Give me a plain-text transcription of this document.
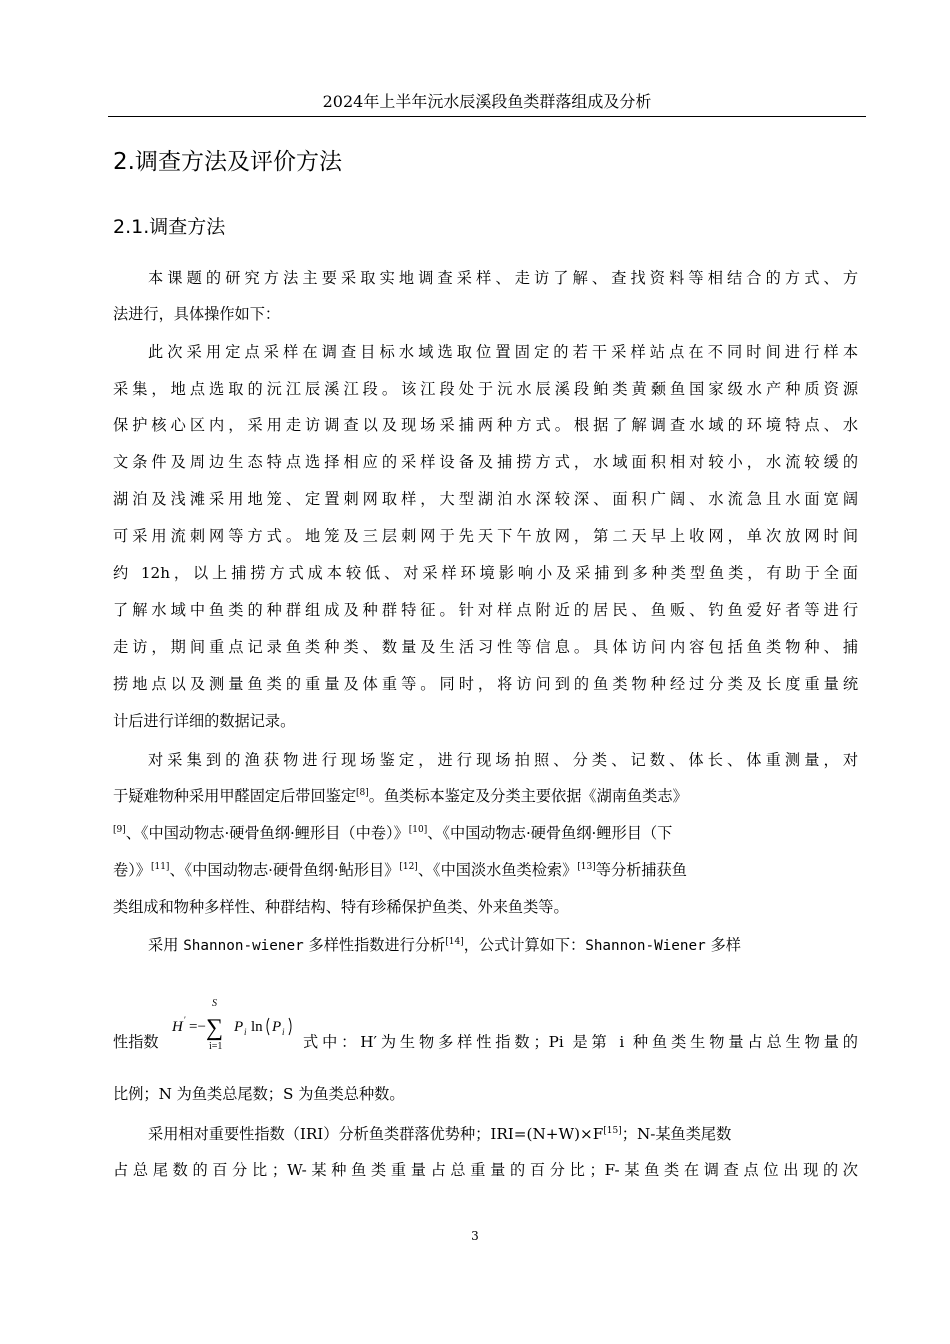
2024年上半年沅水辰溪段鱼类群落组成及分析
2.调查方法及评价方法
2.1.调查方法
本课题的研究方法主要采取实地调查采样、走访了解、查找资料等相结合的方式、方
法进行，具体操作如下：
此次采用定点采样在调查目标水域选取位置固定的若干采样站点在不同时间进行样本
采集，地点选取的沅江辰溪江段。该江段处于沅水辰溪段鲌类黄颡鱼国家级水产种质资源
保护核心区内，采用走访调查以及现场采捕两种方式。根据了解调查水域的环境特点、水
文条件及周边生态特点选择相应的采样设备及捕捞方式，水域面积相对较小，水流较缓的
湖泊及浅滩采用地笼、定置刺网取样，大型湖泊水深较深、面积广阔、水流急且水面宽阔
可采用流刺网等方式。地笼及三层刺网于先天下午放网，第二天早上收网，单次放网时间
约 12h，以上捕捞方式成本较低、对采样环境影响小及采捕到多种类型鱼类，有助于全面
了解水域中鱼类的种群组成及种群特征。针对样点附近的居民、鱼贩、钓鱼爱好者等进行
走访，期间重点记录鱼类种类、数量及生活习性等信息。具体访问内容包括鱼类物种、捕
捞地点以及测量鱼类的重量及体重等。同时，将访问到的鱼类物种经过分类及长度重量统
计后进行详细的数据记录。
对采集到的渔获物进行现场鉴定，进行现场拍照、分类、记数、体长、体重测量，对
于疑难物种采用甲醛固定后带回鉴定[8]。鱼类标本鉴定及分类主要依据《湖南鱼类志》
[9]、《中国动物志·硬骨鱼纲·鲤形目（中卷）》[10]、《中国动物志·硬骨鱼纲·鲤形目（下
卷）》[11]、《中国动物志·硬骨鱼纲·鲇形目》[12]、《中国淡水鱼类检索》[13]等分析捕获鱼
类组成和物种多样性、种群结构、特有珍稀保护鱼类、外来鱼类等。
采用 Shannon-wiener 多样性指数进行分析[14]，公式计算如下：Shannon-Wiener 多样
性指数
H ′ =−
S
∑
i=1
P i ln P i
式中：H′为生物多样性指数；Pi 是第 i 种鱼类生物量占总生物量的
比例；N 为鱼类总尾数；S 为鱼类总种数。
采用相对重要性指数（IRI）分析鱼类群落优势种；IRI=(N+W)×F[15]；N-某鱼类尾数
占总尾数的百分比；W-某种鱼类重量占总重量的百分比；F-某鱼类在调查点位出现的次
3
